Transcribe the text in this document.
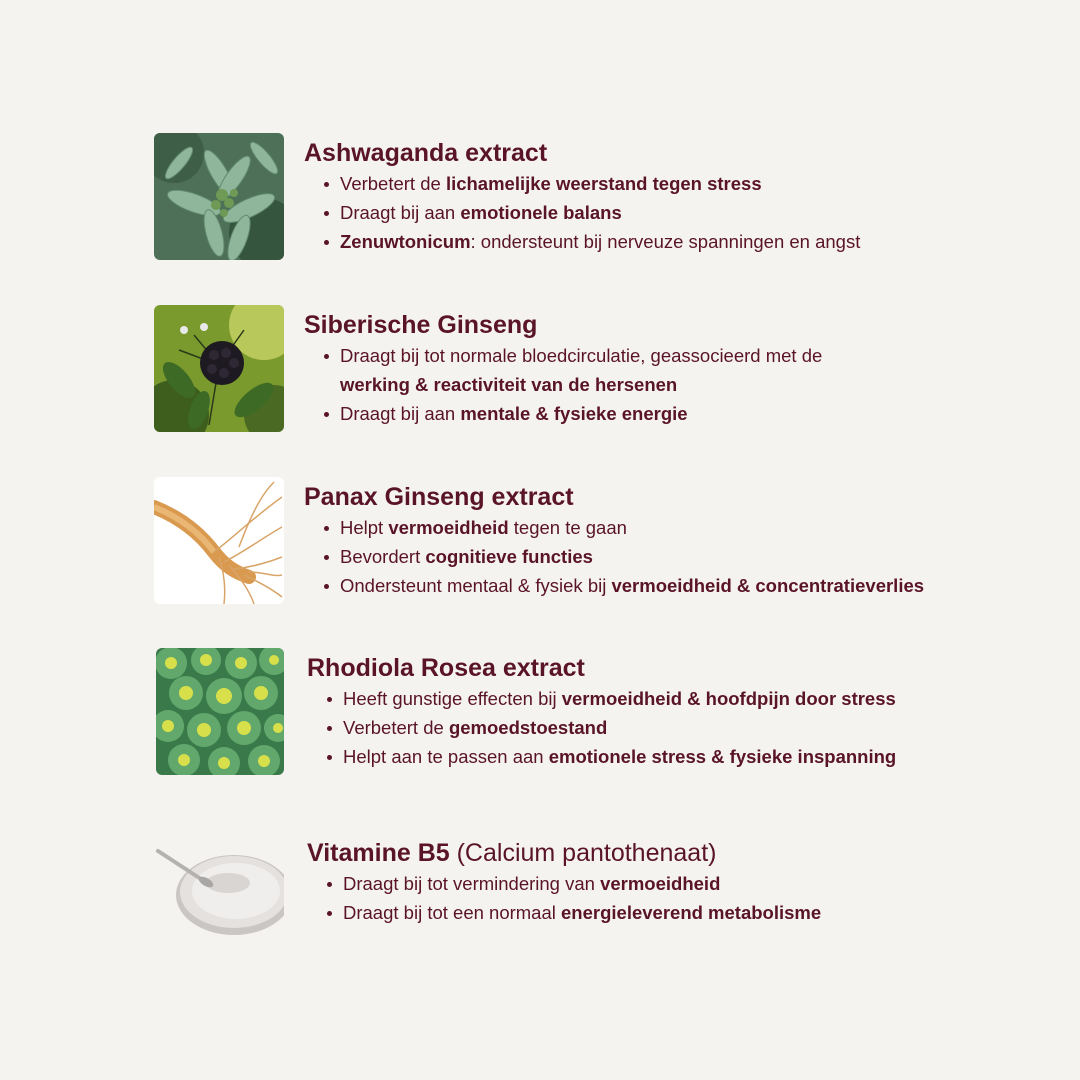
Ashwaganda extract
Verbetert de lichamelijke weerstand tegen stress
Draagt bij aan emotionele balans
Zenuwtonicum: ondersteunt bij nerveuze spanningen en angst
Siberische Ginseng
Draagt bij tot normale bloedcirculatie, geassocieerd met de
werking & reactiviteit van de hersenen
Draagt bij aan mentale & fysieke energie
Panax Ginseng extract
Helpt vermoeidheid tegen te gaan
Bevordert cognitieve functies
Ondersteunt mentaal & fysiek bij vermoeidheid & concentratieverlies
Rhodiola Rosea extract
Heeft gunstige effecten bij vermoeidheid & hoofdpijn door stress
Verbetert de gemoedstoestand
Helpt aan te passen aan emotionele stress & fysieke inspanning
Vitamine B5 (Calcium pantothenaat)
Draagt bij tot vermindering van vermoeidheid
Draagt bij tot een normaal energieleverend metabolisme
